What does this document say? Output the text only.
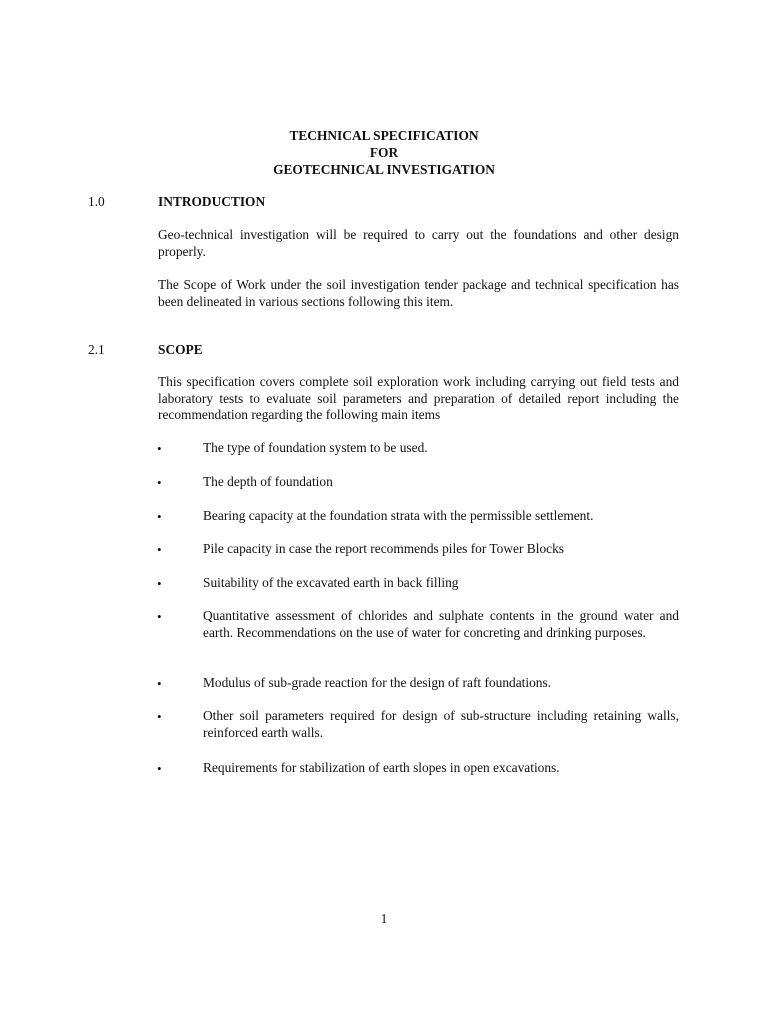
TECHNICAL SPECIFICATION
FOR
GEOTECHNICAL INVESTIGATION
1.0	INTRODUCTION

Geo-technical investigation will be required to carry out the foundations and other design properly.

The Scope of Work under the soil investigation tender package and technical specification has been delineated in various sections following this item.

2.1	SCOPE

This specification covers complete soil exploration work including carrying out field tests and laboratory tests to evaluate soil parameters and preparation of detailed report including the recommendation regarding the following main items

•	The type of foundation system to be used.

•	The depth of foundation

•	Bearing capacity at the foundation strata with the permissible settlement.

•	Pile capacity in case the report recommends piles for Tower Blocks

•	Suitability of the excavated earth in back filling

•	Quantitative assessment of chlorides and sulphate contents in the ground water and earth. Recommendations on the use of water for concreting and drinking purposes.

•	Modulus of sub-grade reaction for the design of raft foundations.

•	Other soil parameters required for design of sub-structure including retaining walls, reinforced earth walls.

•	Requirements for stabilization of earth slopes in open excavations.

1
